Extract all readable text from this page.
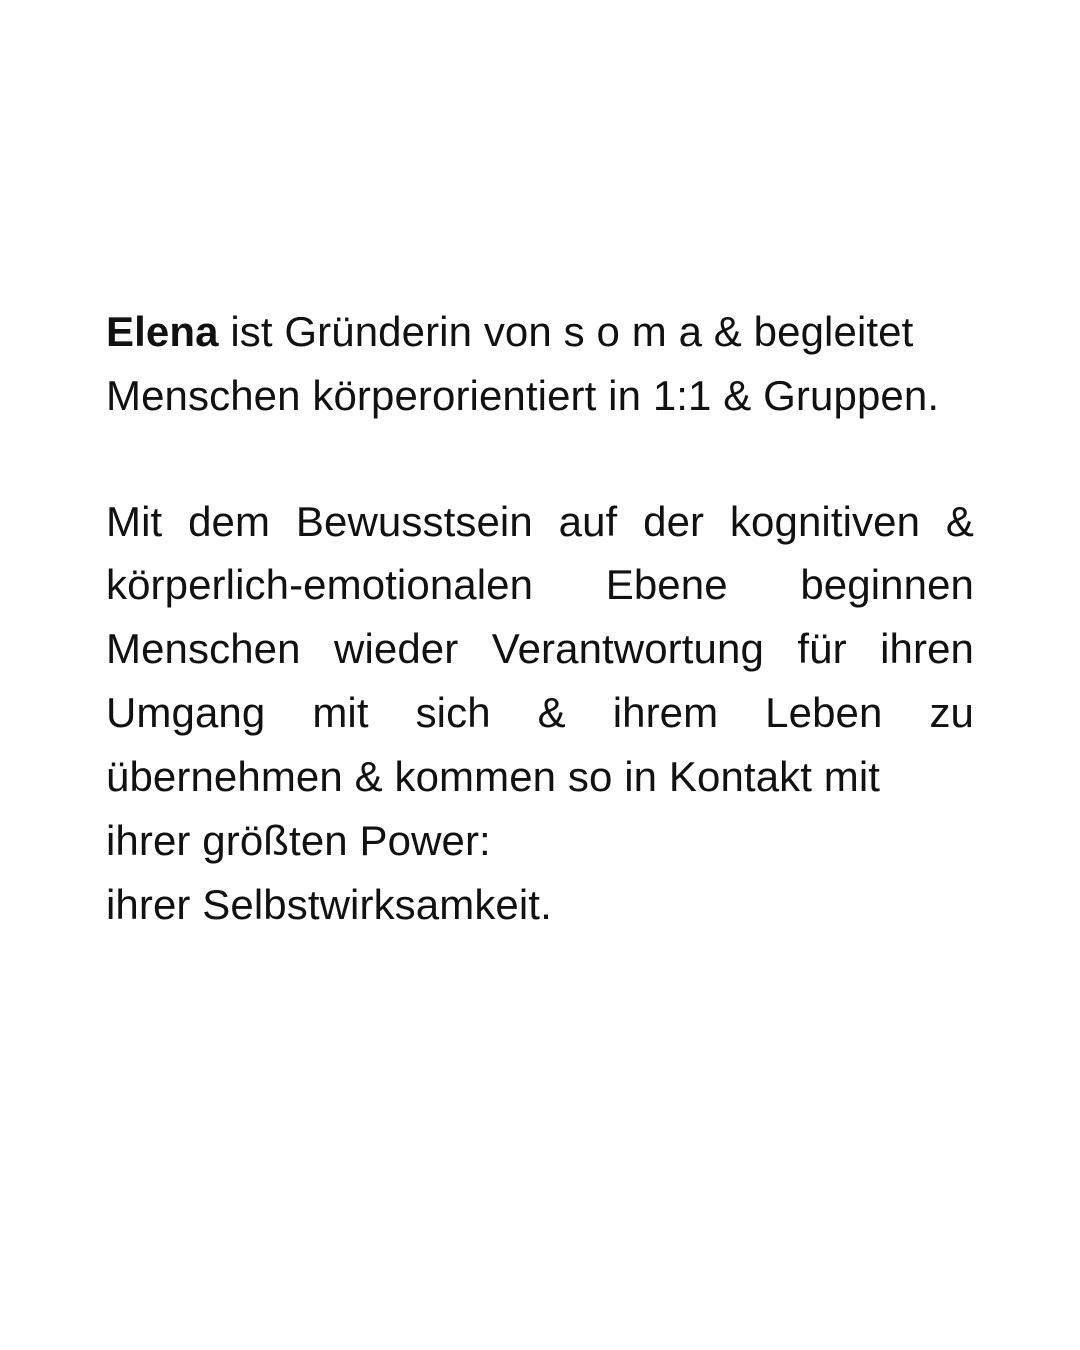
Elena ist Gründerin von s o m a & begleitet Menschen körperorientiert in 1:1 & Gruppen.

Mit dem Bewusstsein auf der kognitiven & körperlich-emotionalen Ebene beginnen Menschen wieder Verantwortung für ihren Umgang mit sich & ihrem Leben zu übernehmen & kommen so in Kontakt mit
ihrer größten Power:
ihrer Selbstwirksamkeit.
